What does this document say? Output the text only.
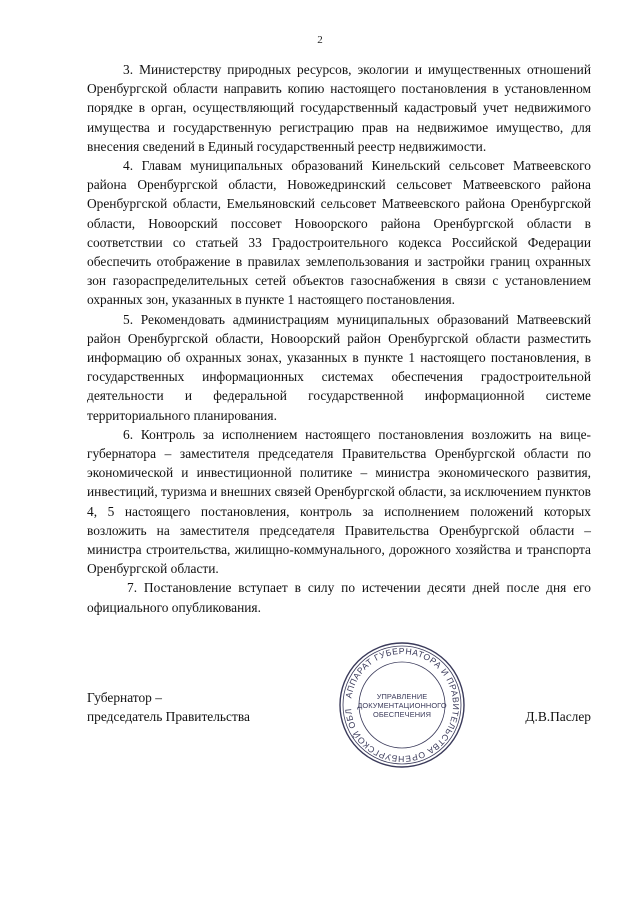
2

3. Министерству природных ресурсов, экологии и имущественных отношений Оренбургской области направить копию настоящего постановления в установленном порядке в орган, осуществляющий государственный кадастровый учет недвижимого имущества и государственную регистрацию прав на недвижимое имущество, для внесения сведений в Единый государственный реестр недвижимости.

4. Главам муниципальных образований Кинельский сельсовет Матвеевского района Оренбургской области, Новожедринский сельсовет Матвеевского района Оренбургской области, Емельяновский сельсовет Матвеевского района Оренбургской области, Новоорский поссовет Новоорского района Оренбургской области в соответствии со статьей 33 Градостроительного кодекса Российской Федерации обеспечить отображение в правилах землепользования и застройки границ охранных зон газораспределительных сетей объектов газоснабжения в связи с установлением охранных зон, указанных в пункте 1 настоящего постановления.

5. Рекомендовать администрациям муниципальных образований Матвеевский район Оренбургской области, Новоорский район Оренбургской области разместить информацию об охранных зонах, указанных в пункте 1 настоящего постановления, в государственных информационных системах обеспечения градостроительной деятельности и федеральной государственной информационной системе территориального планирования.

6. Контроль за исполнением настоящего постановления возложить на вице-губернатора – заместителя председателя Правительства Оренбургской области по экономической и инвестиционной политике – министра экономического развития, инвестиций, туризма и внешних связей Оренбургской области, за исключением пунктов 4, 5 настоящего постановления, контроль за исполнением положений которых возложить на заместителя председателя Правительства Оренбургской области – министра строительства, жилищно-коммунального, дорожного хозяйства и транспорта Оренбургской области.

7. Постановление вступает в силу по истечении десяти дней после дня его официального опубликования.

АППАРАТ ГУБЕРНАТОРА И ПРАВИТЕЛЬСТВА ОРЕНБУРГСКОЙ ОБЛ
УПРАВЛЕНИЕ
ДОКУМЕНТАЦИОННОГО
ОБЕСПЕЧЕНИЯ
Губернатор –
председатель Правительства	Д.В.Паслер
